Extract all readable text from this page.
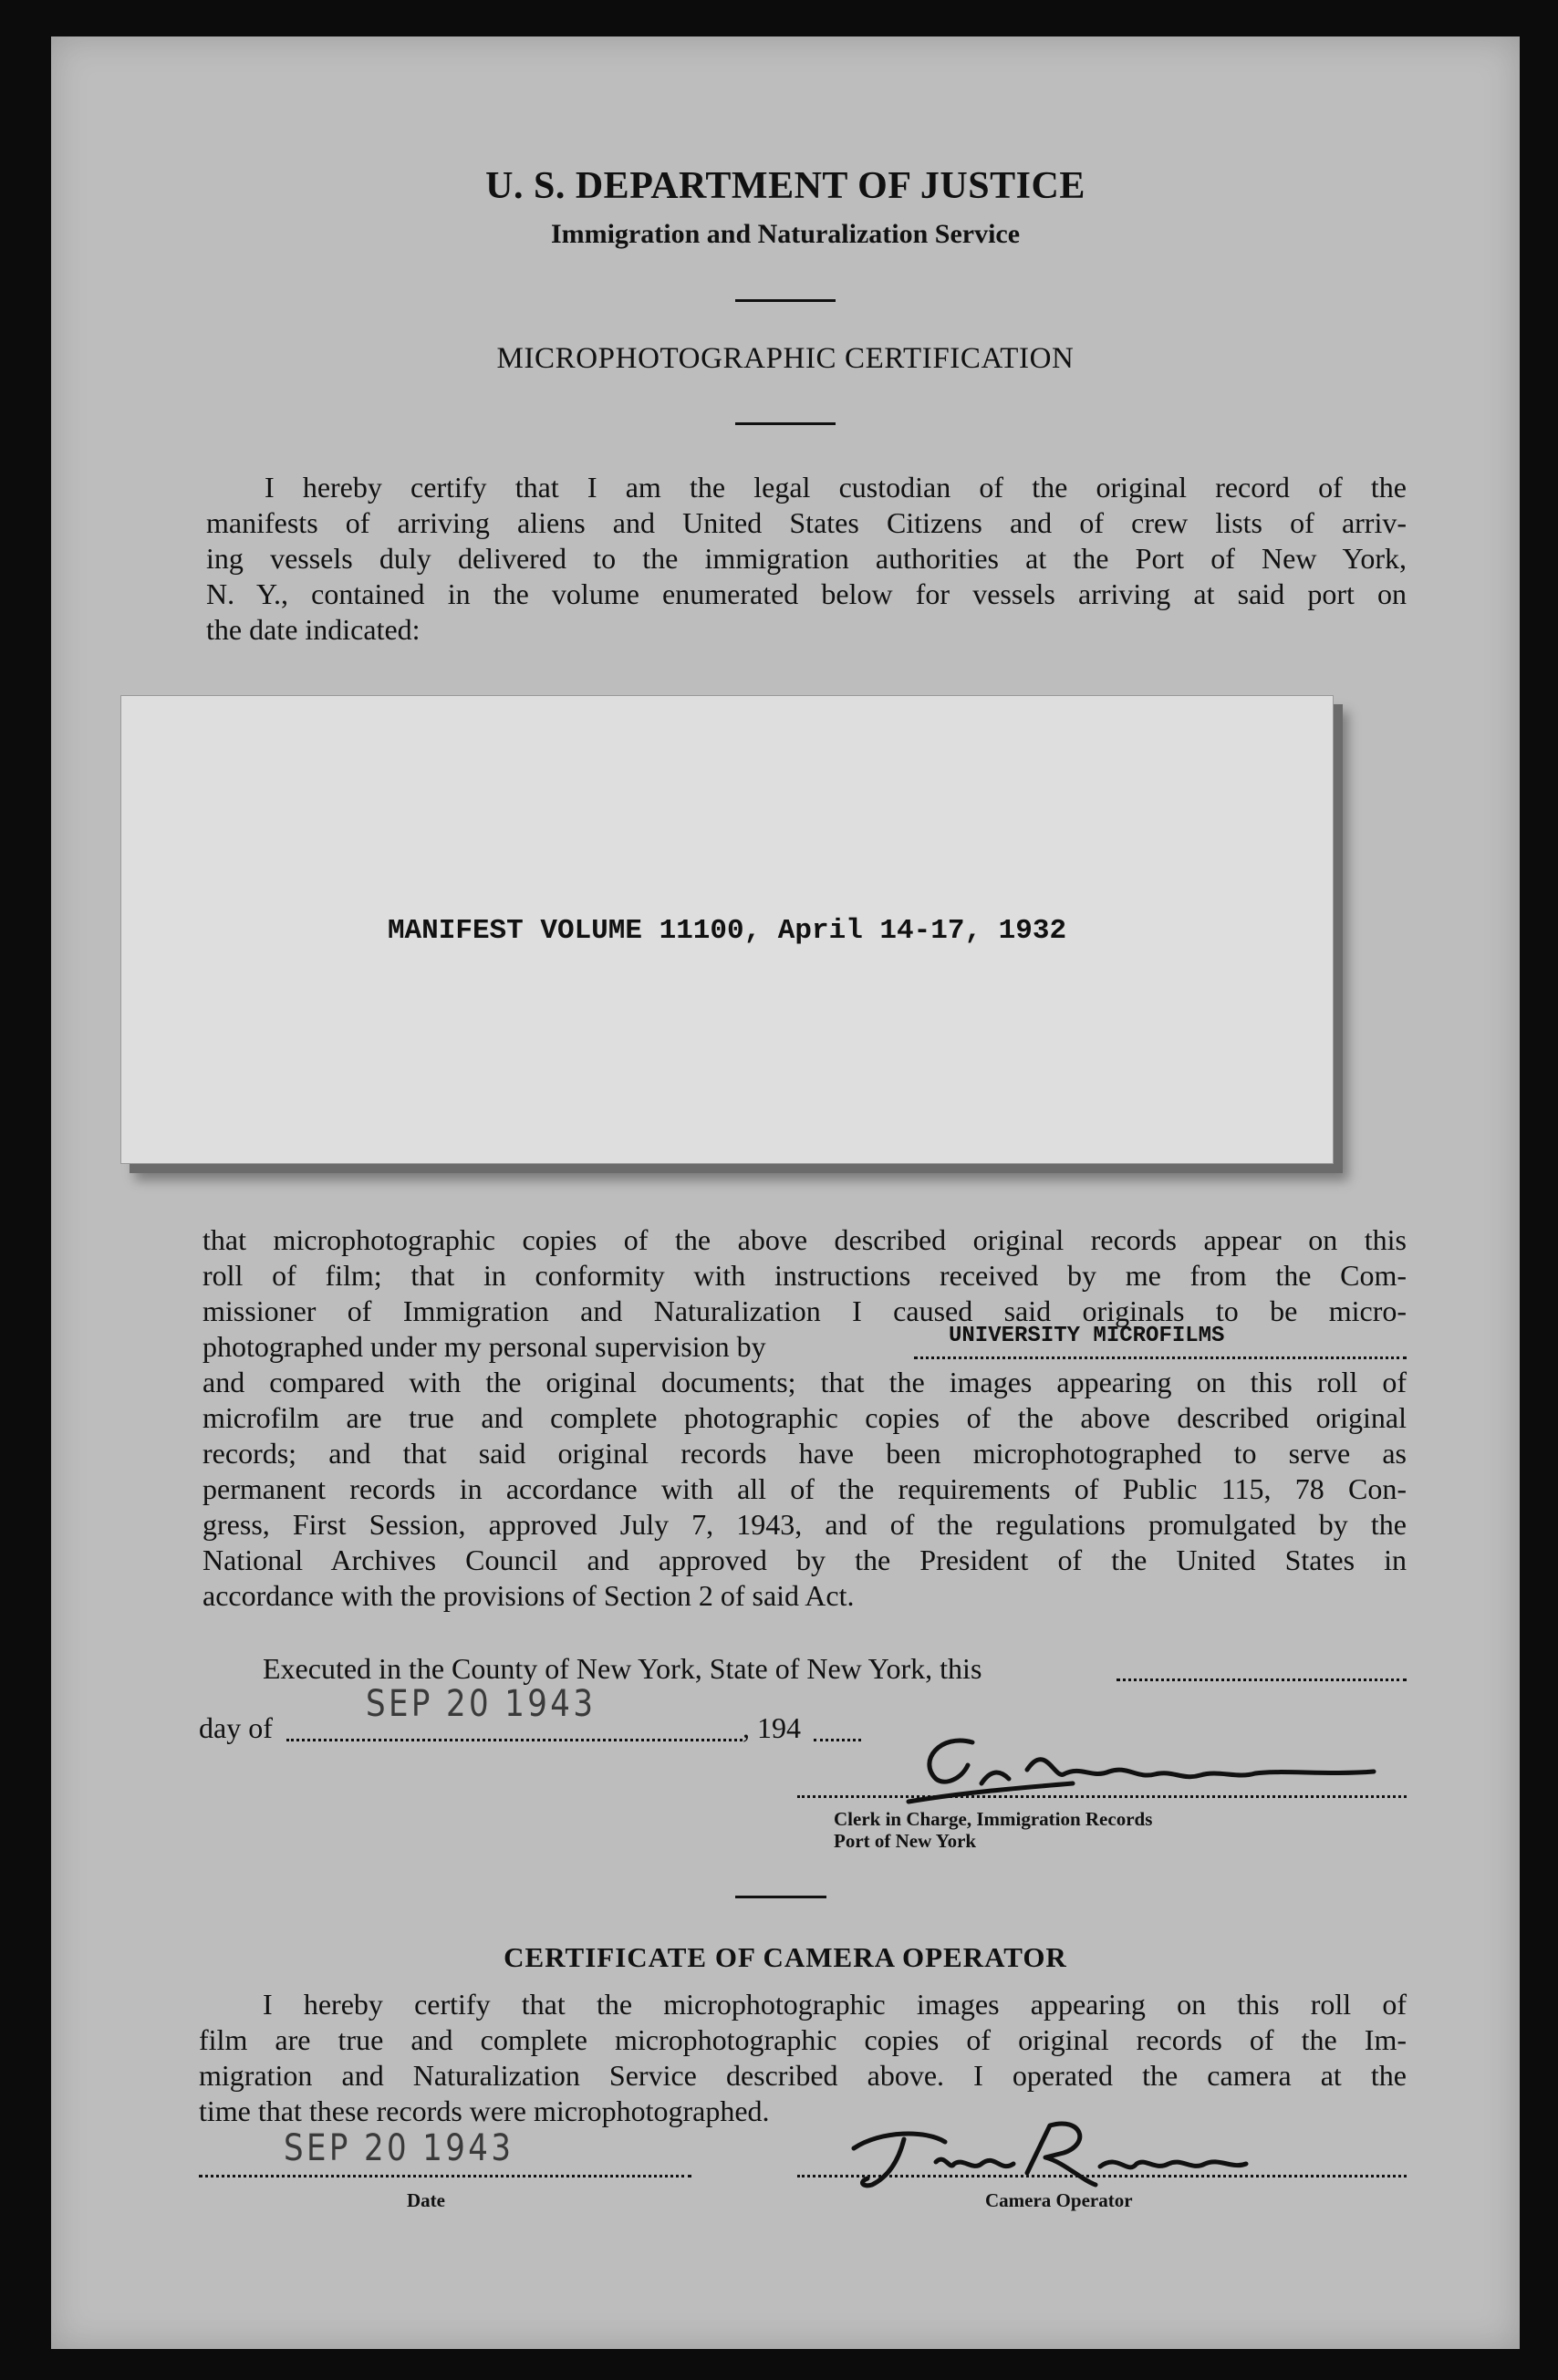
U. S. DEPARTMENT OF JUSTICE
Immigration and Naturalization Service
MICROPHOTOGRAPHIC CERTIFICATION
I hereby certify that I am the legal custodian of the original record of the
manifests of arriving aliens and United States Citizens and of crew lists of arriv-
ing vessels duly delivered to the immigration authorities at the Port of New York,
N. Y., contained in the volume enumerated below for vessels arriving at said port on
the date indicated:
MANIFEST VOLUME 11100, April 14-17, 1932
that microphotographic copies of the above described original records appear on this
roll of film; that in conformity with instructions received by me from the Com-
missioner of Immigration and Naturalization I caused said originals to be micro-
photographed under my personal supervision by	UNIVERSITY MICROFILMS
and compared with the original documents; that the images appearing on this roll of
microfilm are true and complete photographic copies of the above described original
records; and that said original records have been microphotographed to serve as
permanent records in accordance with all of the requirements of Public 115, 78 Con-
gress, First Session, approved July 7, 1943, and of the regulations promulgated by the
National Archives Council and approved by the President of the United States in
accordance with the provisions of Section 2 of said Act.
Executed in the County of New York, State of New York, this
day of
SEP 20 1943
, 194
Clerk in Charge, Immigration Records
Port of New York
CERTIFICATE OF CAMERA OPERATOR
I hereby certify that the microphotographic images appearing on this roll of
film are true and complete microphotographic copies of original records of the Im-
migration and Naturalization Service described above. I operated the camera at the
time that these records were microphotographed.
SEP 20 1943
Date	Camera Operator
